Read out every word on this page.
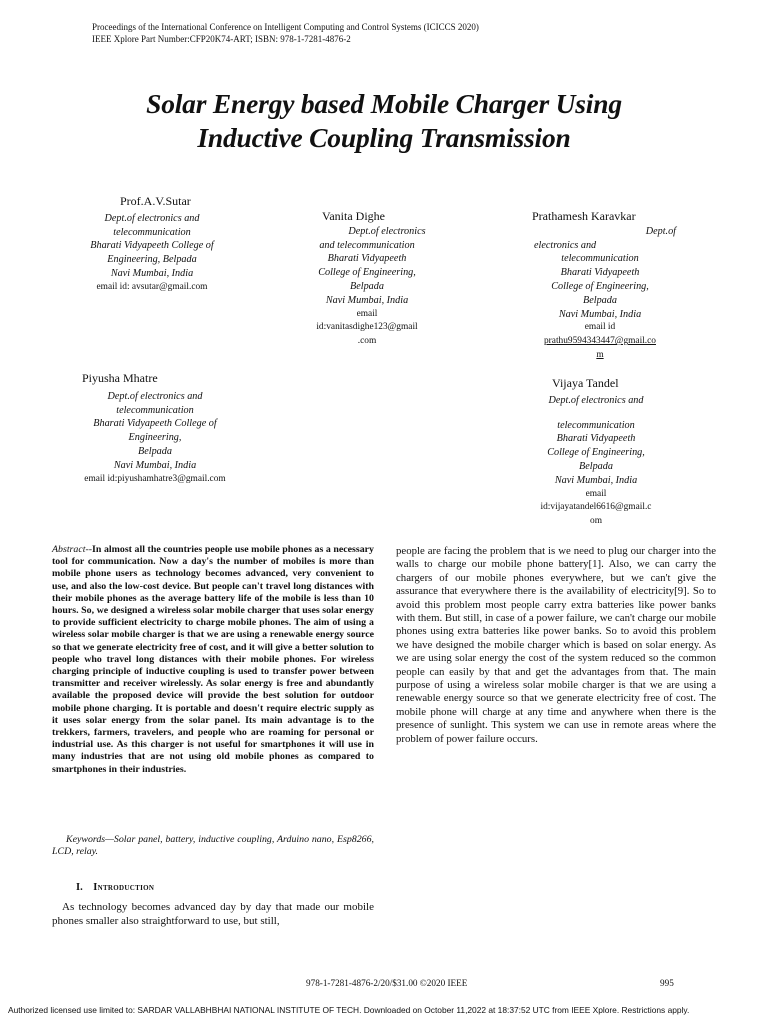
Proceedings of the International Conference on Intelligent Computing and Control Systems (ICICCS 2020)
IEEE Xplore Part Number:CFP20K74-ART; ISBN: 978-1-7281-4876-2
Solar Energy based Mobile Charger Using
Inductive Coupling Transmission
Prof.A.V.Sutar
Dept.of electronics and
telecommunication
Bharati Vidyapeeth College of
Engineering, Belpada
Navi Mumbai, India
email id: avsutar@gmail.com
Vanita Dighe
Dept.of electronics
and telecommunication
Bharati Vidyapeeth
College of Engineering,
Belpada
Navi Mumbai, India
email
id:vanitasdighe123@gmail
.com
Prathamesh Karavkar
Dept.of
electronics and
telecommunication
Bharati Vidyapeeth
College of Engineering,
Belpada
Navi Mumbai, India
email id
prathu9594343447@gmail.co
m
Piyusha Mhatre
Dept.of electronics and
telecommunication
Bharati Vidyapeeth College of
Engineering,
Belpada
Navi Mumbai, India
email id:piyushamhatre3@gmail.com
Vijaya Tandel
Dept.of electronics and
telecommunication
Bharati Vidyapeeth
College of Engineering,
Belpada
Navi Mumbai, India
email
id:vijayatandel6616@gmail.c
om
Abstract--In almost all the countries people use mobile phones as a necessary tool for communication. Now a day's the number of mobiles is more than mobile phone users as technology becomes advanced, very convenient to use, and also the low-cost device. But people can't travel long distances with their mobile phones as the average battery life of the mobile is less than 10 hours. So, we designed a wireless solar mobile charger that uses solar energy to provide sufficient electricity to charge mobile phones. The aim of using a wireless solar mobile charger is that we are using a renewable energy source so that we generate electricity free of cost, and it will give a better solution to people who travel long distances with their mobile phones. For wireless charging principle of inductive coupling is used to transfer power between transmitter and receiver wirelessly. As solar energy is free and abundantly available the proposed device will provide the best solution for outdoor mobile phone charging. It is portable and doesn't require electric supply as it uses solar energy from the solar panel. Its main advantage is to the trekkers, farmers, travelers, and people who are roaming for personal or industrial use. As this charger is not useful for smartphones it will use in many industries that are not using old mobile phones as compared to smartphones in their industries.
Keywords—Solar panel, battery, inductive coupling, Arduino nano, Esp8266, LCD, relay.
I. Introduction
As technology becomes advanced day by day that made our mobile phones smaller also straightforward to use, but still,
people are facing the problem that is we need to plug our charger into the walls to charge our mobile phone battery[1]. Also, we can carry the chargers of our mobile phones everywhere, but we can't give the assurance that everywhere there is the availability of electricity[9]. So to avoid this problem most people carry extra batteries like power banks with them. But still, in case of a power failure, we can't charge our mobile phones using extra batteries like power banks. So to avoid this problem we have designed the mobile charger which is based on solar energy. As we are using solar energy the cost of the system reduced so the common people can easily by that and get the advantages from that. The main purpose of using a wireless solar mobile charger is that we are using a renewable energy source so that we generate electricity free of cost. The mobile phone will charge at any time and anywhere when there is the presence of sunlight. This system we can use in remote areas where the problem of power failure occurs.
978-1-7281-4876-2/20/$31.00 ©2020 IEEE	995
Authorized licensed use limited to: SARDAR VALLABHBHAI NATIONAL INSTITUTE OF TECH. Downloaded on October 11,2022 at 18:37:52 UTC from IEEE Xplore. Restrictions apply.
